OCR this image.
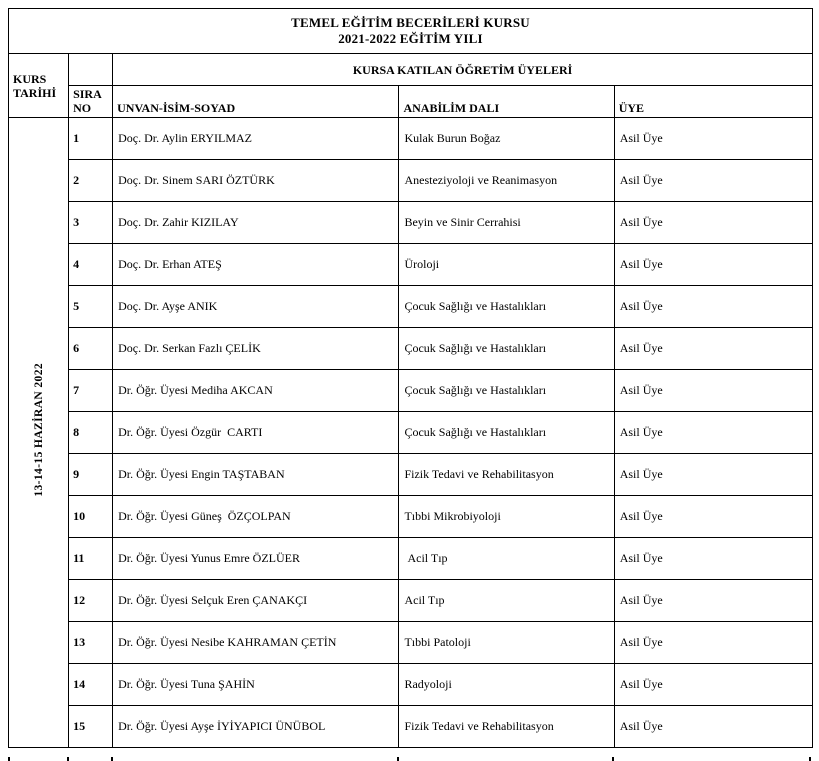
TEMEL EĞİTİM BECERİLERİ KURSU
2021-2022 EĞİTİM YILI				

KURS TARİHİ		KURSA KATILAN ÖĞRETİM ÜYELERİ		
	SIRA NO	UNVAN-İSİM-SOYAD	ANABİLİM DALI	ÜYE
13-14-15 HAZİRAN 2022	1	Doç. Dr. Aylin ERYILMAZ	Kulak Burun Boğaz	Asil Üye
	2	Doç. Dr. Sinem SARI ÖZTÜRK	Anesteziyoloji ve Reanimasyon	Asil Üye
	3	Doç. Dr. Zahir KIZILAY	Beyin ve Sinir Cerrahisi	Asil Üye
	4	Doç. Dr. Erhan ATEŞ	Üroloji	Asil Üye
	5	Doç. Dr. Ayşe ANIK	Çocuk Sağlığı ve Hastalıkları	Asil Üye
	6	Doç. Dr. Serkan Fazlı ÇELİK	Çocuk Sağlığı ve Hastalıkları	Asil Üye
	7	Dr. Öğr. Üyesi Mediha AKCAN	Çocuk Sağlığı ve Hastalıkları	Asil Üye
	8	Dr. Öğr. Üyesi Özgür  CARTI	Çocuk Sağlığı ve Hastalıkları	Asil Üye
	9	Dr. Öğr. Üyesi Engin TAŞTABAN	Fizik Tedavi ve Rehabilitasyon	Asil Üye
	10	Dr. Öğr. Üyesi Güneş  ÖZÇOLPAN	Tıbbi Mikrobiyoloji	Asil Üye
	11	Dr. Öğr. Üyesi Yunus Emre ÖZLÜER	Acil Tıp	Asil Üye
	12	Dr. Öğr. Üyesi Selçuk Eren ÇANAKÇI	Acil Tıp	Asil Üye
	13	Dr. Öğr. Üyesi Nesibe KAHRAMAN ÇETİN	Tıbbi Patoloji	Asil Üye
	14	Dr. Öğr. Üyesi Tuna ŞAHİN	Radyoloji	Asil Üye
	15	Dr. Öğr. Üyesi Ayşe İYİYAPICI ÜNÜBOL	Fizik Tedavi ve Rehabilitasyon	Asil Üye
